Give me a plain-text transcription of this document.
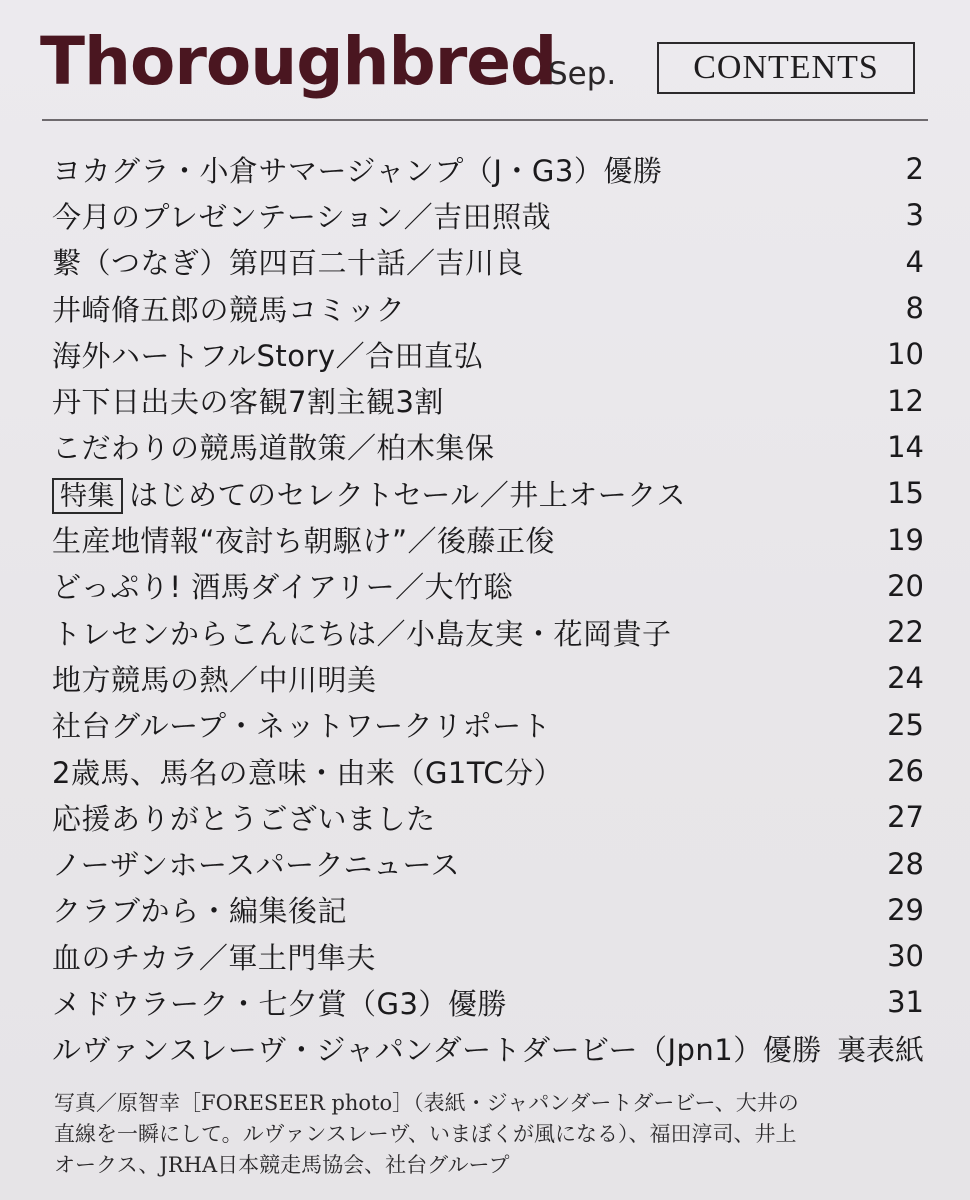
Thoroughbred
Sep.	CONTENTS
ヨカグラ・小倉サマージャンプ（J・G3）優勝	2
今月のプレゼンテーション／吉田照哉	3
繋（つなぎ）第四百二十話／吉川良	4
井崎脩五郎の競馬コミック	8
海外ハートフルStory／合田直弘	10
丹下日出夫の客観7割主観3割	12
こだわりの競馬道散策／柏木集保	14
特集 はじめてのセレクトセール／井上オークス	15
生産地情報“夜討ち朝駆け”／後藤正俊	19
どっぷり! 酒馬ダイアリー／大竹聡	20
トレセンからこんにちは／小島友実・花岡貴子	22
地方競馬の熱／中川明美	24
社台グループ・ネットワークリポート	25
2歳馬、馬名の意味・由来（G1TC分）	26
応援ありがとうございました	27
ノーザンホースパークニュース	28
クラブから・編集後記	29
血のチカラ／軍土門隼夫	30
メドウラーク・七夕賞（G3）優勝	31
ルヴァンスレーヴ・ジャパンダートダービー（Jpn1）優勝 裏表紙
写真／原智幸［FORESEER photo］（表紙・ジャパンダートダービー、大井の
直線を一瞬にして。ルヴァンスレーヴ、いまぼくが風になる）、福田淳司、井上
オークス、JRHA日本競走馬協会、社台グループ
